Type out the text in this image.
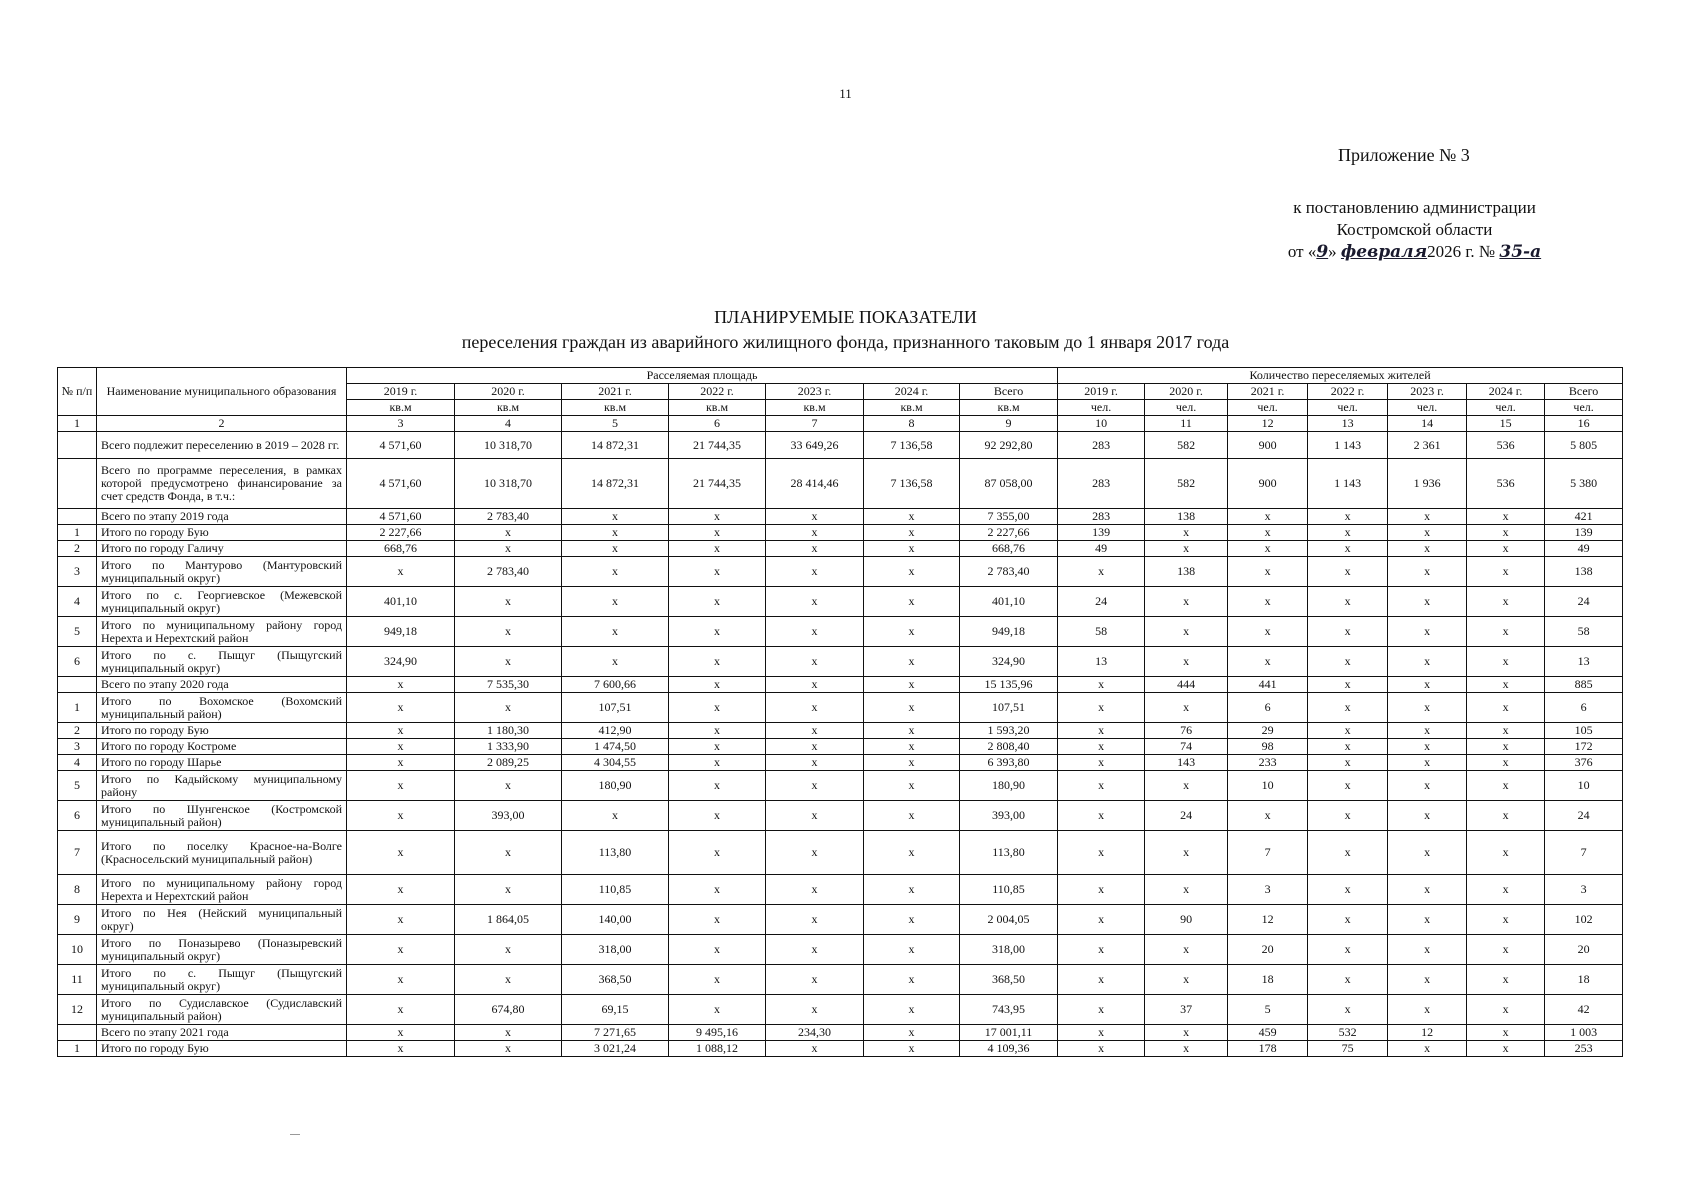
11
Приложение № 3
к постановлению администрации
Костромской области
от «9» февраля2026 г. № 35-а
ПЛАНИРУЕМЫЕ ПОКАЗАТЕЛИ
переселения граждан из аварийного жилищного фонда, признанного таковым до 1 января 2017 года
№ п/п	Наименование муниципального образования	Расселяемая площадь							Количество переселяемых жителей						
		2019 г.	2020 г.	2021 г.	2022 г.	2023 г.	2024 г.	Всего	2019 г.	2020 г.	2021 г.	2022 г.	2023 г.	2024 г.	Всего
		кв.м	кв.м	кв.м	кв.м	кв.м	кв.м	кв.м	чел.	чел.	чел.	чел.	чел.	чел.	чел.
1	2	3	4	5	6	7	8	9	10	11	12	13	14	15	16
	Всего подлежит переселению в 2019 – 2028 гг.	4 571,60	10 318,70	14 872,31	21 744,35	33 649,26	7 136,58	92 292,80	283	582	900	1 143	2 361	536	5 805
	Всего по программе переселения, в рамках которой предусмотрено финансирование за счет средств Фонда, в т.ч.:	4 571,60	10 318,70	14 872,31	21 744,35	28 414,46	7 136,58	87 058,00	283	582	900	1 143	1 936	536	5 380
	Всего по этапу 2019 года	4 571,60	2 783,40	x	x	x	x	7 355,00	283	138	x	x	x	x	421
1	Итого по городу Бую	2 227,66	x	x	x	x	x	2 227,66	139	x	x	x	x	x	139
2	Итого по городу Галичу	668,76	x	x	x	x	x	668,76	49	x	x	x	x	x	49
3	Итого по Мантурово (Мантуровский муниципальный округ)	x	2 783,40	x	x	x	x	2 783,40	x	138	x	x	x	x	138
4	Итого по с. Георгиевское (Межевской муниципальный округ)	401,10	x	x	x	x	x	401,10	24	x	x	x	x	x	24
5	Итого по муниципальному району город Нерехта и Нерехтский район	949,18	x	x	x	x	x	949,18	58	x	x	x	x	x	58
6	Итого по с. Пыщуг (Пыщугский муниципальный округ)	324,90	x	x	x	x	x	324,90	13	x	x	x	x	x	13
	Всего по этапу 2020 года	x	7 535,30	7 600,66	x	x	x	15 135,96	x	444	441	x	x	x	885
1	Итого по Вохомское (Вохомский муниципальный район)	x	x	107,51	x	x	x	107,51	x	x	6	x	x	x	6
2	Итого по городу Бую	x	1 180,30	412,90	x	x	x	1 593,20	x	76	29	x	x	x	105
3	Итого по городу Костроме	x	1 333,90	1 474,50	x	x	x	2 808,40	x	74	98	x	x	x	172
4	Итого по городу Шарье	x	2 089,25	4 304,55	x	x	x	6 393,80	x	143	233	x	x	x	376
5	Итого по Кадыйскому муниципальному району	x	x	180,90	x	x	x	180,90	x	x	10	x	x	x	10
6	Итого по Шунгенское (Костромской муниципальный район)	x	393,00	x	x	x	x	393,00	x	24	x	x	x	x	24
7	Итого по поселку Красное-на-Волге (Красносельский муниципальный район)	x	x	113,80	x	x	x	113,80	x	x	7	x	x	x	7
8	Итого по муниципальному району город Нерехта и Нерехтский район	x	x	110,85	x	x	x	110,85	x	x	3	x	x	x	3
9	Итого по Нея (Нейский муниципальный округ)	x	1 864,05	140,00	x	x	x	2 004,05	x	90	12	x	x	x	102
10	Итого по Поназырево (Поназыревский муниципальный округ)	x	x	318,00	x	x	x	318,00	x	x	20	x	x	x	20
11	Итого по с. Пыщуг (Пыщугский муниципальный округ)	x	x	368,50	x	x	x	368,50	x	x	18	x	x	x	18
12	Итого по Судиславское (Судиславский муниципальный район)	x	674,80	69,15	x	x	x	743,95	x	37	5	x	x	x	42
	Всего по этапу 2021 года	x	x	7 271,65	9 495,16	234,30	x	17 001,11	x	x	459	532	12	x	1 003
1	Итого по городу Бую	x	x	3 021,24	1 088,12	x	x	4 109,36	x	x	178	75	x	x	253
